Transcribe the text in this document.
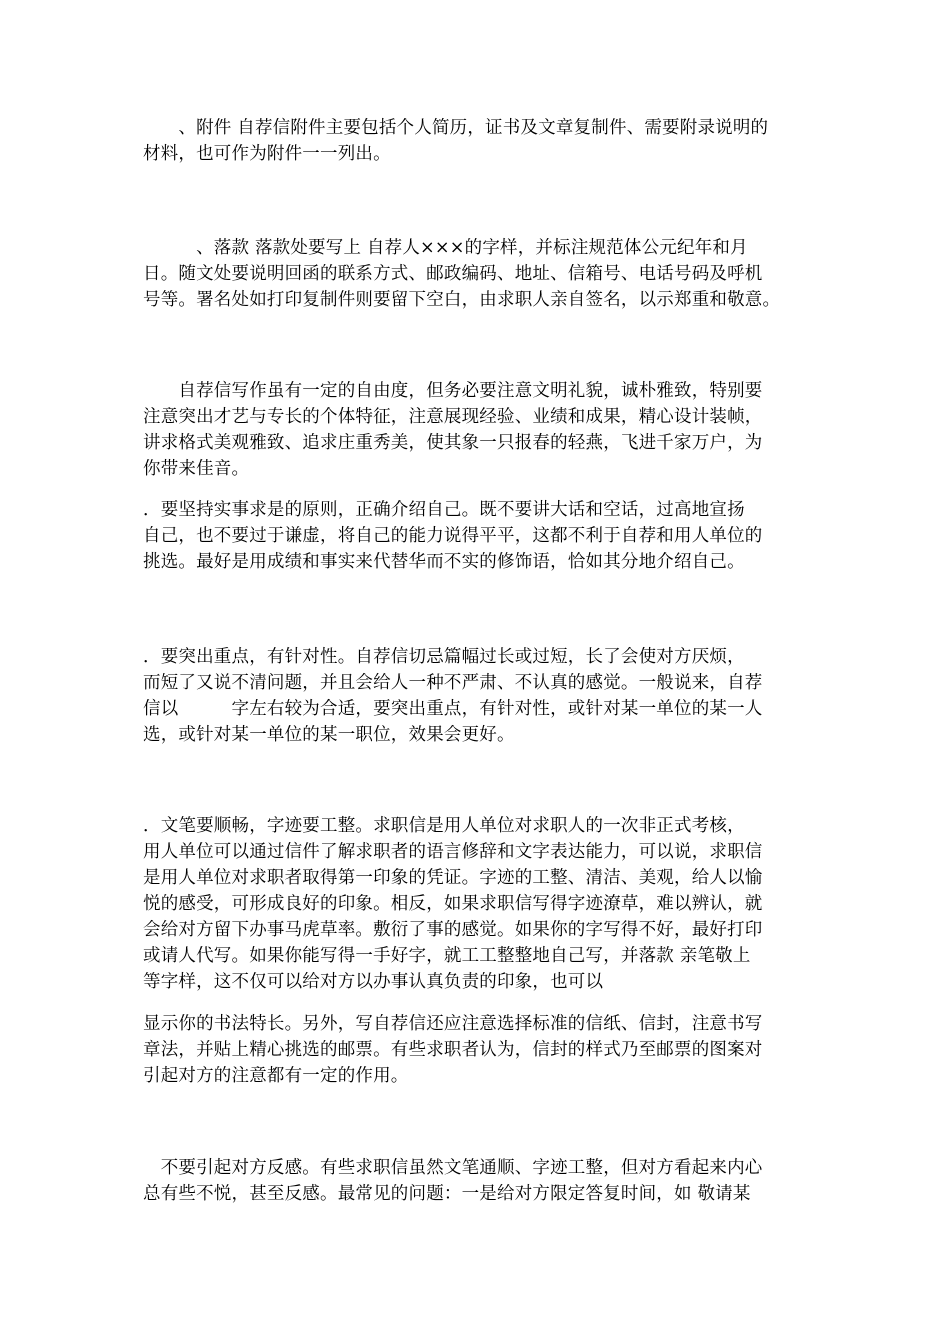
　　、附件 自荐信附件主要包括个人简历，证书及文章复制件、需要附录说明的
材料，也可作为附件一一列出。
　　　、落款 落款处要写上 自荐人×××的字样，并标注规范体公元纪年和月
日。随文处要说明回函的联系方式、邮政编码、地址、信箱号、电话号码及呼机
号等。署名处如打印复制件则要留下空白，由求职人亲自签名，以示郑重和敬意。
　　自荐信写作虽有一定的自由度，但务必要注意文明礼貌，诚朴雅致，特别要
注意突出才艺与专长的个体特征，注意展现经验、业绩和成果，精心设计装帧，
讲求格式美观雅致、追求庄重秀美，使其象一只报春的轻燕，飞进千家万户，为
你带来佳音。
．要坚持实事求是的原则，正确介绍自己。既不要讲大话和空话，过高地宣扬
自己，也不要过于谦虚，将自己的能力说得平平，这都不利于自荐和用人单位的
挑选。最好是用成绩和事实来代替华而不实的修饰语，恰如其分地介绍自己。
．要突出重点，有针对性。自荐信切忌篇幅过长或过短，长了会使对方厌烦，
而短了又说不清问题，并且会给人一种不严肃、不认真的感觉。一般说来，自荐
信以　　　字左右较为合适，要突出重点，有针对性，或针对某一单位的某一人
选，或针对某一单位的某一职位，效果会更好。
．文笔要顺畅，字迹要工整。求职信是用人单位对求职人的一次非正式考核，
用人单位可以通过信件了解求职者的语言修辞和文字表达能力，可以说，求职信
是用人单位对求职者取得第一印象的凭证。字迹的工整、清洁、美观，给人以愉
悦的感受，可形成良好的印象。相反，如果求职信写得字迹潦草，难以辨认，就
会给对方留下办事马虎草率。敷衍了事的感觉。如果你的字写得不好，最好打印
或请人代写。如果你能写得一手好字，就工工整整地自己写，并落款 亲笔敬上
等字样，这不仅可以给对方以办事认真负责的印象，也可以
显示你的书法特长。另外，写自荐信还应注意选择标准的信纸、信封，注意书写
章法，并贴上精心挑选的邮票。有些求职者认为，信封的样式乃至邮票的图案对
引起对方的注意都有一定的作用。
　不要引起对方反感。有些求职信虽然文笔通顺、字迹工整，但对方看起来内心
总有些不悦，甚至反感。最常见的问题：一是给对方限定答复时间，如 敬请某
